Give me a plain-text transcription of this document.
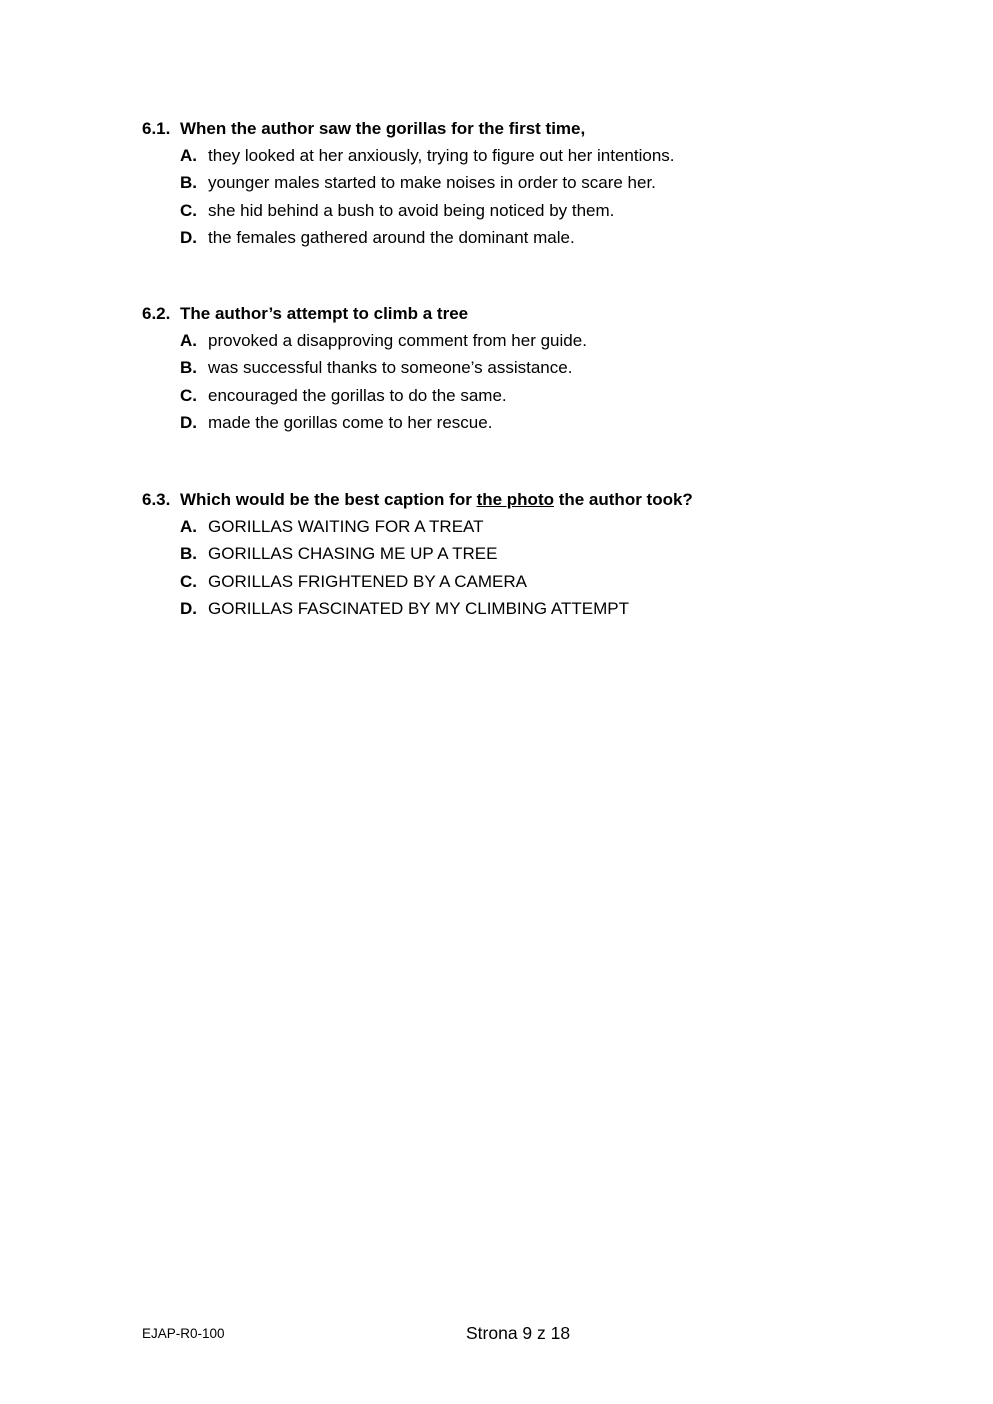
6.1. When the author saw the gorillas for the first time,
A. they looked at her anxiously, trying to figure out her intentions.
B. younger males started to make noises in order to scare her.
C. she hid behind a bush to avoid being noticed by them.
D. the females gathered around the dominant male.
6.2. The author’s attempt to climb a tree
A. provoked a disapproving comment from her guide.
B. was successful thanks to someone’s assistance.
C. encouraged the gorillas to do the same.
D. made the gorillas come to her rescue.
6.3. Which would be the best caption for the photo the author took?
A. GORILLAS WAITING FOR A TREAT
B. GORILLAS CHASING ME UP A TREE
C. GORILLAS FRIGHTENED BY A CAMERA
D. GORILLAS FASCINATED BY MY CLIMBING ATTEMPT
EJAP-R0-100	Strona 9 z 18
